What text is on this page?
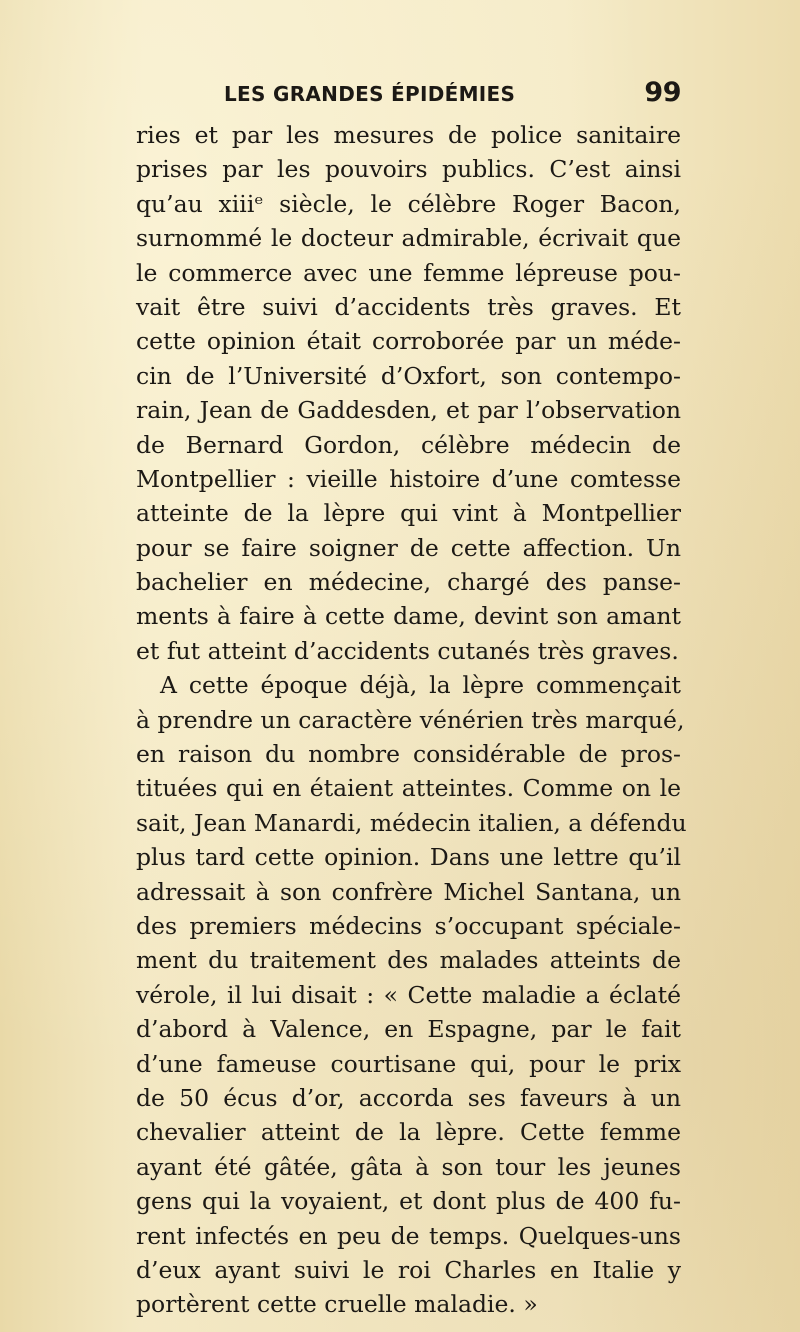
LES GRANDES ÉPIDÉMIES	99
ries et par les mesures de police sanitaire
prises par les pouvoirs publics. C’est ainsi
qu’au xiiiᵉ siècle, le célèbre Roger Bacon,
surnommé le docteur admirable, écrivait que
le commerce avec une femme lépreuse pou-
vait être suivi d’accidents très graves. Et
cette opinion était corroborée par un méde-
cin de l’Université d’Oxfort, son contempo-
rain, Jean de Gaddesden, et par l’observation
de Bernard Gordon, célèbre médecin de
Montpellier : vieille histoire d’une comtesse
atteinte de la lèpre qui vint à Montpellier
pour se faire soigner de cette affection. Un
bachelier en médecine, chargé des panse-
ments à faire à cette dame, devint son amant
et fut atteint d’accidents cutanés très graves.
A cette époque déjà, la lèpre commençait
à prendre un caractère vénérien très marqué,
en raison du nombre considérable de pros-
tituées qui en étaient atteintes. Comme on le
sait, Jean Manardi, médecin italien, a défendu
plus tard cette opinion. Dans une lettre qu’il
adressait à son confrère Michel Santana, un
des premiers médecins s’occupant spéciale-
ment du traitement des malades atteints de
vérole, il lui disait : « Cette maladie a éclaté
d’abord à Valence, en Espagne, par le fait
d’une fameuse courtisane qui, pour le prix
de 50 écus d’or, accorda ses faveurs à un
chevalier atteint de la lèpre. Cette femme
ayant été gâtée, gâta à son tour les jeunes
gens qui la voyaient, et dont plus de 400 fu-
rent infectés en peu de temps. Quelques-uns
d’eux ayant suivi le roi Charles en Italie y
portèrent cette cruelle maladie. »
